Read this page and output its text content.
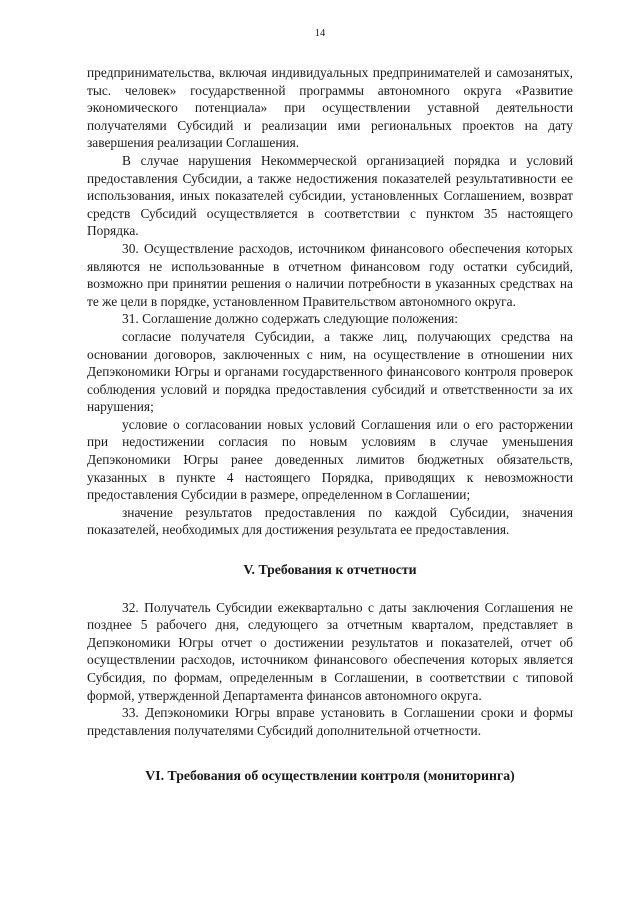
14

предпринимательства, включая индивидуальных предпринимателей и самозанятых, тыс. человек» государственной программы автономного округа «Развитие экономического потенциала» при осуществлении уставной деятельности получателями Субсидий и реализации ими региональных проектов на дату завершения реализации Соглашения.

В случае нарушения Некоммерческой организацией порядка и условий предоставления Субсидии, а также недостижения показателей результативности ее использования, иных показателей субсидии, установленных Соглашением, возврат средств Субсидий осуществляется в соответствии с пунктом 35 настоящего Порядка.

30. Осуществление расходов, источником финансового обеспечения которых являются не использованные в отчетном финансовом году остатки субсидий, возможно при принятии решения о наличии потребности в указанных средствах на те же цели в порядке, установленном Правительством автономного округа.

31. Соглашение должно содержать следующие положения:

согласие получателя Субсидии, а также лиц, получающих средства на основании договоров, заключенных с ним, на осуществление в отношении них Депэкономики Югры и органами государственного финансового контроля проверок соблюдения условий и порядка предоставления субсидий и ответственности за их нарушения;

условие о согласовании новых условий Соглашения или о его расторжении при недостижении согласия по новым условиям в случае уменьшения Депэкономики Югры ранее доведенных лимитов бюджетных обязательств, указанных в пункте 4 настоящего Порядка, приводящих к невозможности предоставления Субсидии в размере, определенном в Соглашении;

значение результатов предоставления по каждой Субсидии, значения показателей, необходимых для достижения результата ее предоставления.

V. Требования к отчетности

32. Получатель Субсидии ежеквартально с даты заключения Соглашения не позднее 5 рабочего дня, следующего за отчетным кварталом, представляет в Депэкономики Югры отчет о достижении результатов и показателей, отчет об осуществлении расходов, источником финансового обеспечения которых является Субсидия, по формам, определенным в Соглашении, в соответствии с типовой формой, утвержденной Департамента финансов автономного округа.

33. Депэкономики Югры вправе установить в Соглашении сроки и формы представления получателями Субсидий дополнительной отчетности.

VI. Требования об осуществлении контроля (мониторинга)
